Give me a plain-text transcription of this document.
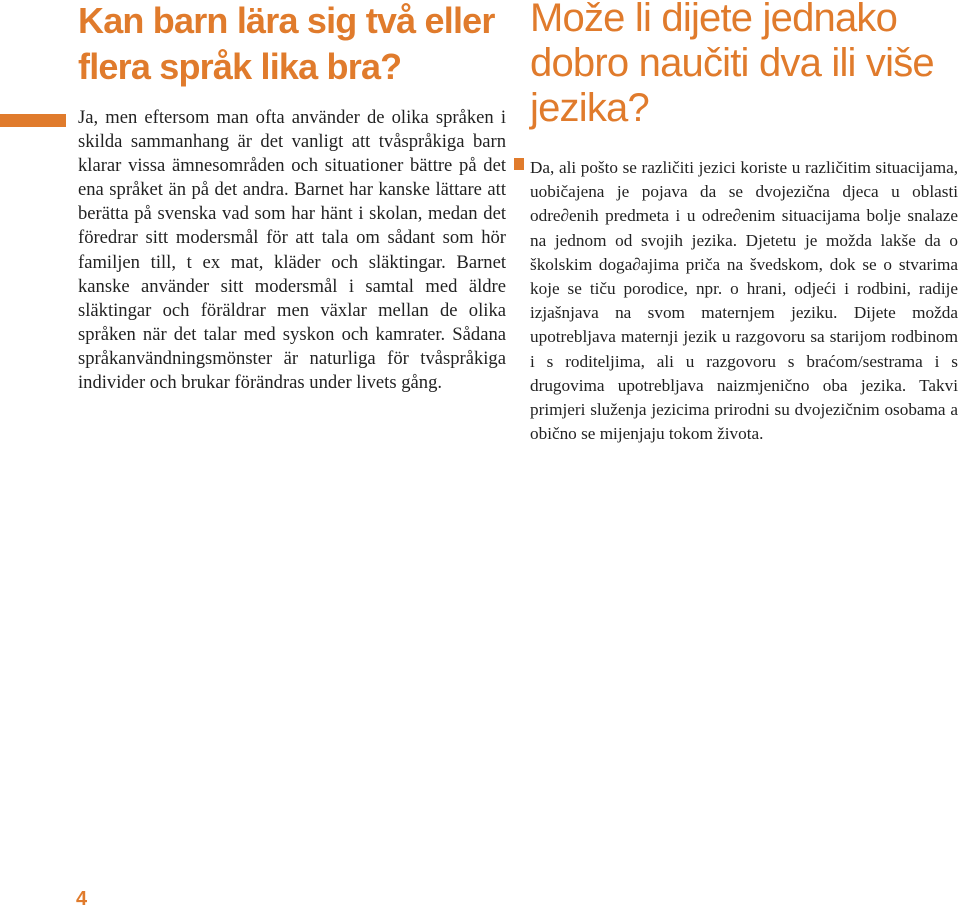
Kan barn lära sig två eller flera språk lika bra?

Ja, men eftersom man ofta använder de olika språken i skilda sammanhang är det vanligt att tvåspråkiga barn klarar vissa ämnesområden och situationer bättre på det ena språket än på det andra. Barnet har kanske lättare att berätta på svenska vad som har hänt i skolan, medan det föredrar sitt modersmål för att tala om sådant som hör familjen till, t ex mat, kläder och släktingar. Barnet kanske använder sitt modersmål i samtal med äldre släktingar och föräldrar men växlar mellan de olika språken när det talar med syskon och kamrater. Sådana språkanvändningsmönster är naturliga för tvåspråkiga individer och brukar förändras under livets gång.

Može li dijete jednako dobro naučiti dva ili više jezika?

Da, ali pošto se različiti jezici koriste u različitim situacijama, uobičajena je pojava da se dvojezična djeca u oblasti odre∂enih predmeta i u odre∂enim situacijama bolje snalaze na jednom od svojih jezika. Djetetu je možda lakše da o školskim doga∂ajima priča na švedskom, dok se o stvarima koje se tiču porodice, npr. o hrani, odjeći i rodbini, radije izjašnjava na svom maternjem jeziku. Dijete možda upotrebljava maternji jezik u razgovoru sa starijom rodbinom i s roditeljima, ali u razgovoru s braćom/sestrama i s drugovima upotrebljava naizmjenično oba jezika. Takvi primjeri služenja jezicima prirodni su dvojezičnim osobama a obično se mijenjaju tokom života.

4
